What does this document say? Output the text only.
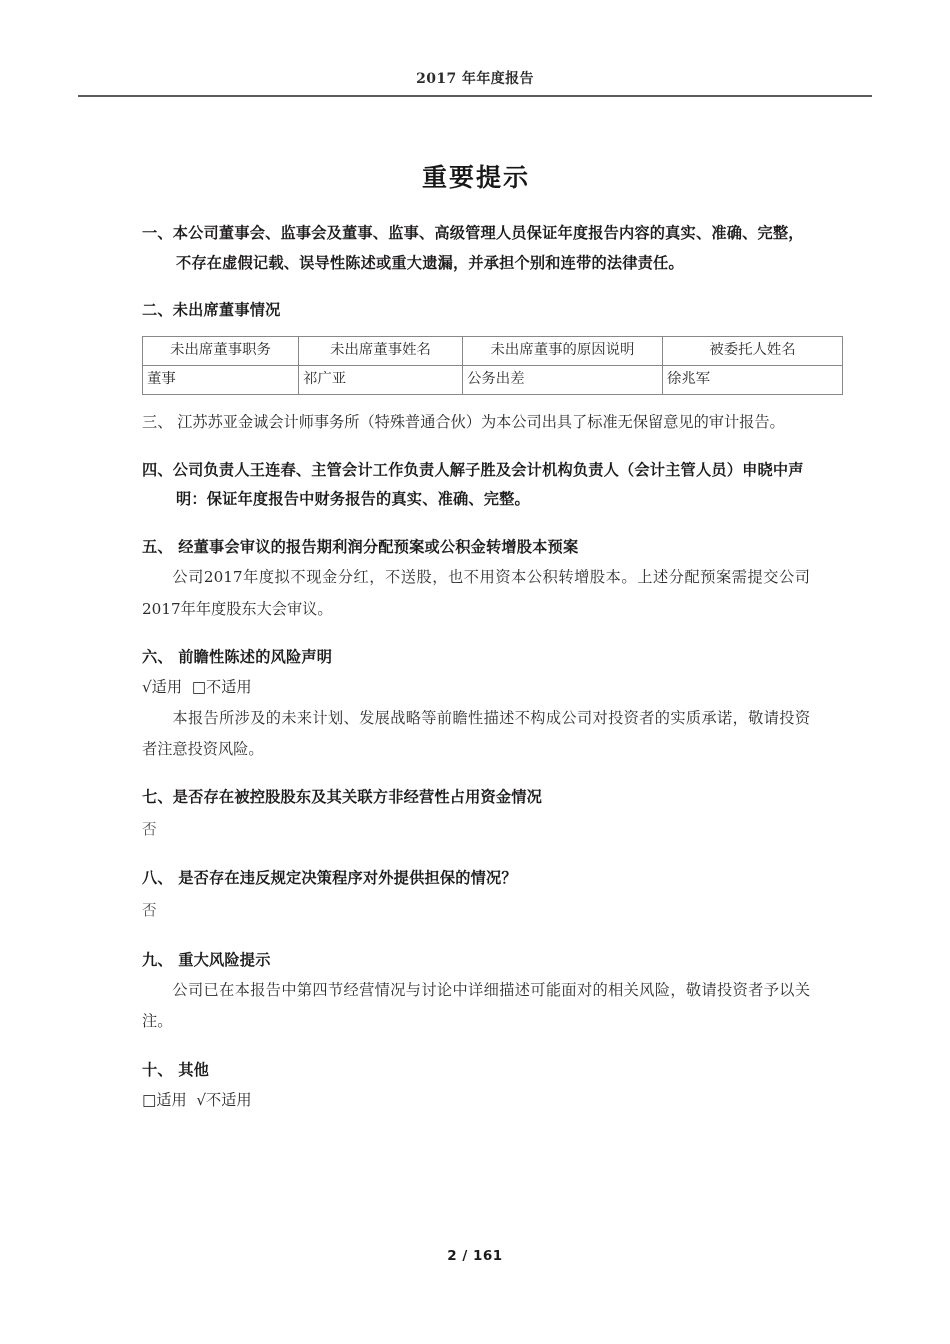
2017 年年度报告
重要提示
一、本公司董事会、监事会及董事、监事、高级管理人员保证年度报告内容的真实、准确、完整，不存在虚假记载、误导性陈述或重大遗漏，并承担个别和连带的法律责任。
二、未出席董事情况
未出席董事职务	未出席董事姓名	未出席董事的原因说明	被委托人姓名
董事	祁广亚	公务出差	徐兆军
三、 江苏苏亚金诚会计师事务所（特殊普通合伙）为本公司出具了标准无保留意见的审计报告。
四、公司负责人王连春、主管会计工作负责人解子胜及会计机构负责人（会计主管人员）申晓中声明：保证年度报告中财务报告的真实、准确、完整。
五、 经董事会审议的报告期利润分配预案或公积金转增股本预案

公司2017年度拟不现金分红，不送股，也不用资本公积转增股本。上述分配预案需提交公司2017年年度股东大会审议。

六、 前瞻性陈述的风险声明

√适用  □不适用

本报告所涉及的未来计划、发展战略等前瞻性描述不构成公司对投资者的实质承诺，敬请投资者注意投资风险。

七、是否存在被控股股东及其关联方非经营性占用资金情况

否

八、 是否存在违反规定决策程序对外提供担保的情况？

否

九、 重大风险提示

公司已在本报告中第四节经营情况与讨论中详细描述可能面对的相关风险，敬请投资者予以关注。

十、 其他

□适用  √不适用

2 / 161
